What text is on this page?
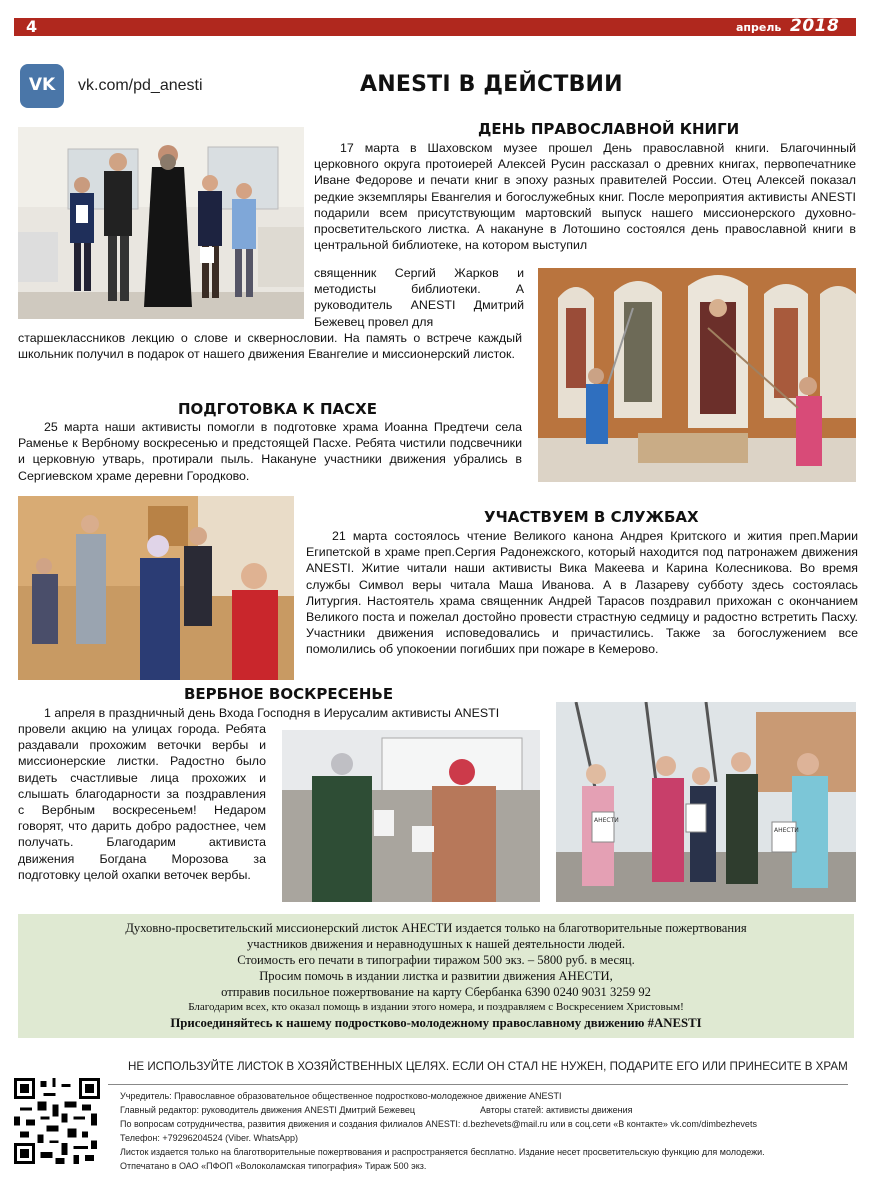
4	апрель 2018
VK	vk.com/pd_anesti	ANESTI В ДЕЙСТВИИ
ДЕНЬ ПРАВОСЛАВНОЙ КНИГИ

17 марта в Шаховском музее прошел День православной книги. Благочинный церковного округа протоиерей Алексей Русин рассказал о древних книгах, первопечатнике Иване Федорове и печати книг в эпоху разных правителей России. Отец Алексей показал редкие экземпляры Евангелия и богослужебных книг. После мероприятия активисты ANESTI подарили всем присутствующим мартовский выпуск нашего миссионерского духовно-просветительского листка. А накануне в Лотошино состоялся день православной книги в центральной библиотеке, на котором выступил

священник Сергий Жарков и методисты библиотеки. А руководитель ANESTI Дмитрий Бежевец провел для

старшеклассников лекцию о слове и сквернословии. На память о встрече каждый школьник получил в подарок от нашего движения Евангелие и миссионерский листок.

ПОДГОТОВКА К ПАСХЕ

25 марта наши активисты помогли в подготовке храма Иоанна Предтечи села Раменье к Вербному воскресенью и предстоящей Пасхе. Ребята чистили подсвечники и церковную утварь, протирали пыль. Накануне участники движения убрались в Сергиевском храме деревни Городково.

УЧАСТВУЕМ В СЛУЖБАХ

21 марта состоялось чтение Великого канона Андрея Критского и жития преп.Марии Египетской в храме преп.Сергия Радонежского, который находится под патронажем движения ANESTI. Житие читали наши активисты Вика Макеева и Карина Колесникова. Во время службы Символ веры читала Маша Иванова. А в Лазареву субботу здесь состоялась Литургия. Настоятель храма священник Андрей Тарасов поздравил прихожан с окончанием Великого поста и пожелал достойно провести страстную седмицу и радостно встретить Пасху. Участники движения исповедовались и причастились. Также за богослужением все помолились об упокоении погибших при пожаре в Кемерово.

ВЕРБНОЕ ВОСКРЕСЕНЬЕ

1 апреля в праздничный день Входа Господня в Иерусалим активисты ANESTI

провели акцию на улицах города. Ребята раздавали прохожим веточки вербы и миссионерские листки. Радостно было видеть счастливые лица прохожих и слышать благодарности за поздравления с Вербным воскресеньем! Недаром говорят, что дарить добро радостнее, чем получать. Благодарим активиста движения Богдана Морозова за подготовку целой охапки веточек вербы.

АНЕСТИ
АНЕСТИ
Духовно-просветительский миссионерский листок АНЕСТИ издается только на благотворительные пожертвования
участников движения и неравнодушных к нашей деятельности людей.
Стоимость его печати в типографии тиражом 500 экз. – 5800 руб. в месяц.
Просим помочь в издании листка и развитии движения АНЕСТИ,
отправив посильное пожертвование на карту Сбербанка 6390 0240 9031 3259 92
Благодарим всех, кто оказал помощь в издании этого номера, и поздравляем с Воскресением Христовым!
Присоединяйтесь к нашему подростково-молодежному православному движению #ANESTI
НЕ ИСПОЛЬЗУЙТЕ ЛИСТОК В ХОЗЯЙСТВЕННЫХ ЦЕЛЯХ. ЕСЛИ ОН СТАЛ НЕ НУЖЕН, ПОДАРИТЕ ЕГО ИЛИ ПРИНЕСИТЕ В ХРАМ
Учредитель: Православное образовательное общественное подростково-молодежное движение ANESTI
Главный редактор: руководитель движения ANESTI Дмитрий Бежевец	Авторы статей: активисты движения
По вопросам сотрудничества, развития движения и создания филиалов ANESTI: d.bezhevets@mail.ru или в соц.сети «В контакте» vk.com/dimbezhevets
Телефон: +79296204524 (Viber. WhatsApp)
Листок издается только на благотворительные пожертвования и распространяется бесплатно. Издание несет просветительскую функцию для молодежи.
Отпечатано в ОАО «ПФОП «Волоколамская типография» Тираж 500 экз.
